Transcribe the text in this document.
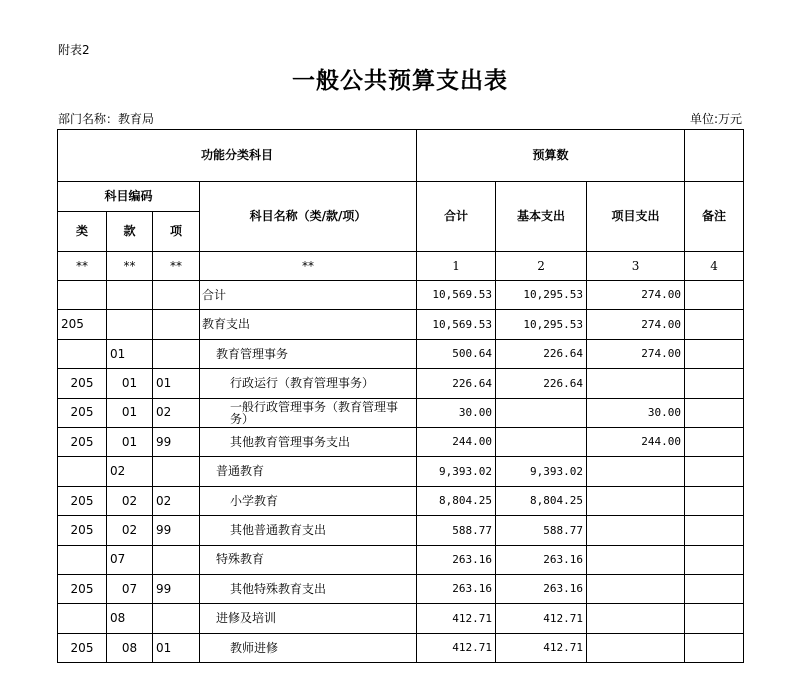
附表2
一般公共预算支出表
部门名称：教育局	单位:万元
功能分类科目				预算数			
科目编码			科目名称（类/款/项）	合计	基本支出	项目支出	备注
类	款	项					
**	**	**	**	1	2	3	4
			合计	10,569.53	10,295.53	274.00	
205			教育支出	10,569.53	10,295.53	274.00	
	01		教育管理事务	500.64	226.64	274.00	
205	01	01	行政运行（教育管理事务）	226.64	226.64		
205	01	02	一般行政管理事务（教育管理事务）	30.00		30.00	
205	01	99	其他教育管理事务支出	244.00		244.00	
	02		普通教育	9,393.02	9,393.02		
205	02	02	小学教育	8,804.25	8,804.25		
205	02	99	其他普通教育支出	588.77	588.77		
	07		特殊教育	263.16	263.16		
205	07	99	其他特殊教育支出	263.16	263.16		
	08		进修及培训	412.71	412.71		
205	08	01	教师进修	412.71	412.71		
